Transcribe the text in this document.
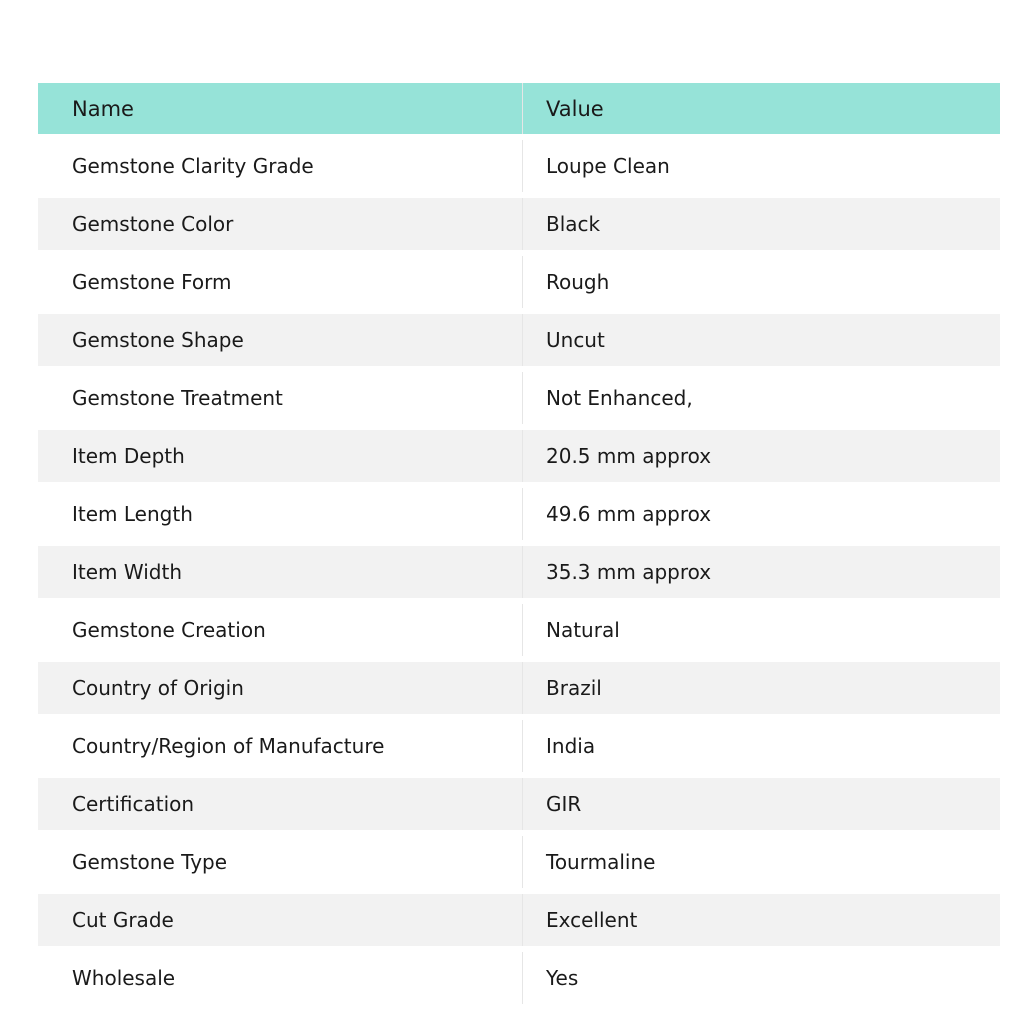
Name	Value
Gemstone Clarity Grade	Loupe Clean
Gemstone Color	Black
Gemstone Form	Rough
Gemstone Shape	Uncut
Gemstone Treatment	Not Enhanced,
Item Depth	20.5 mm approx
Item Length	49.6 mm approx
Item Width	35.3 mm approx
Gemstone Creation	Natural
Country of Origin	Brazil
Country/Region of Manufacture	India
Certification	GIR
Gemstone Type	Tourmaline
Cut Grade	Excellent
Wholesale	Yes
